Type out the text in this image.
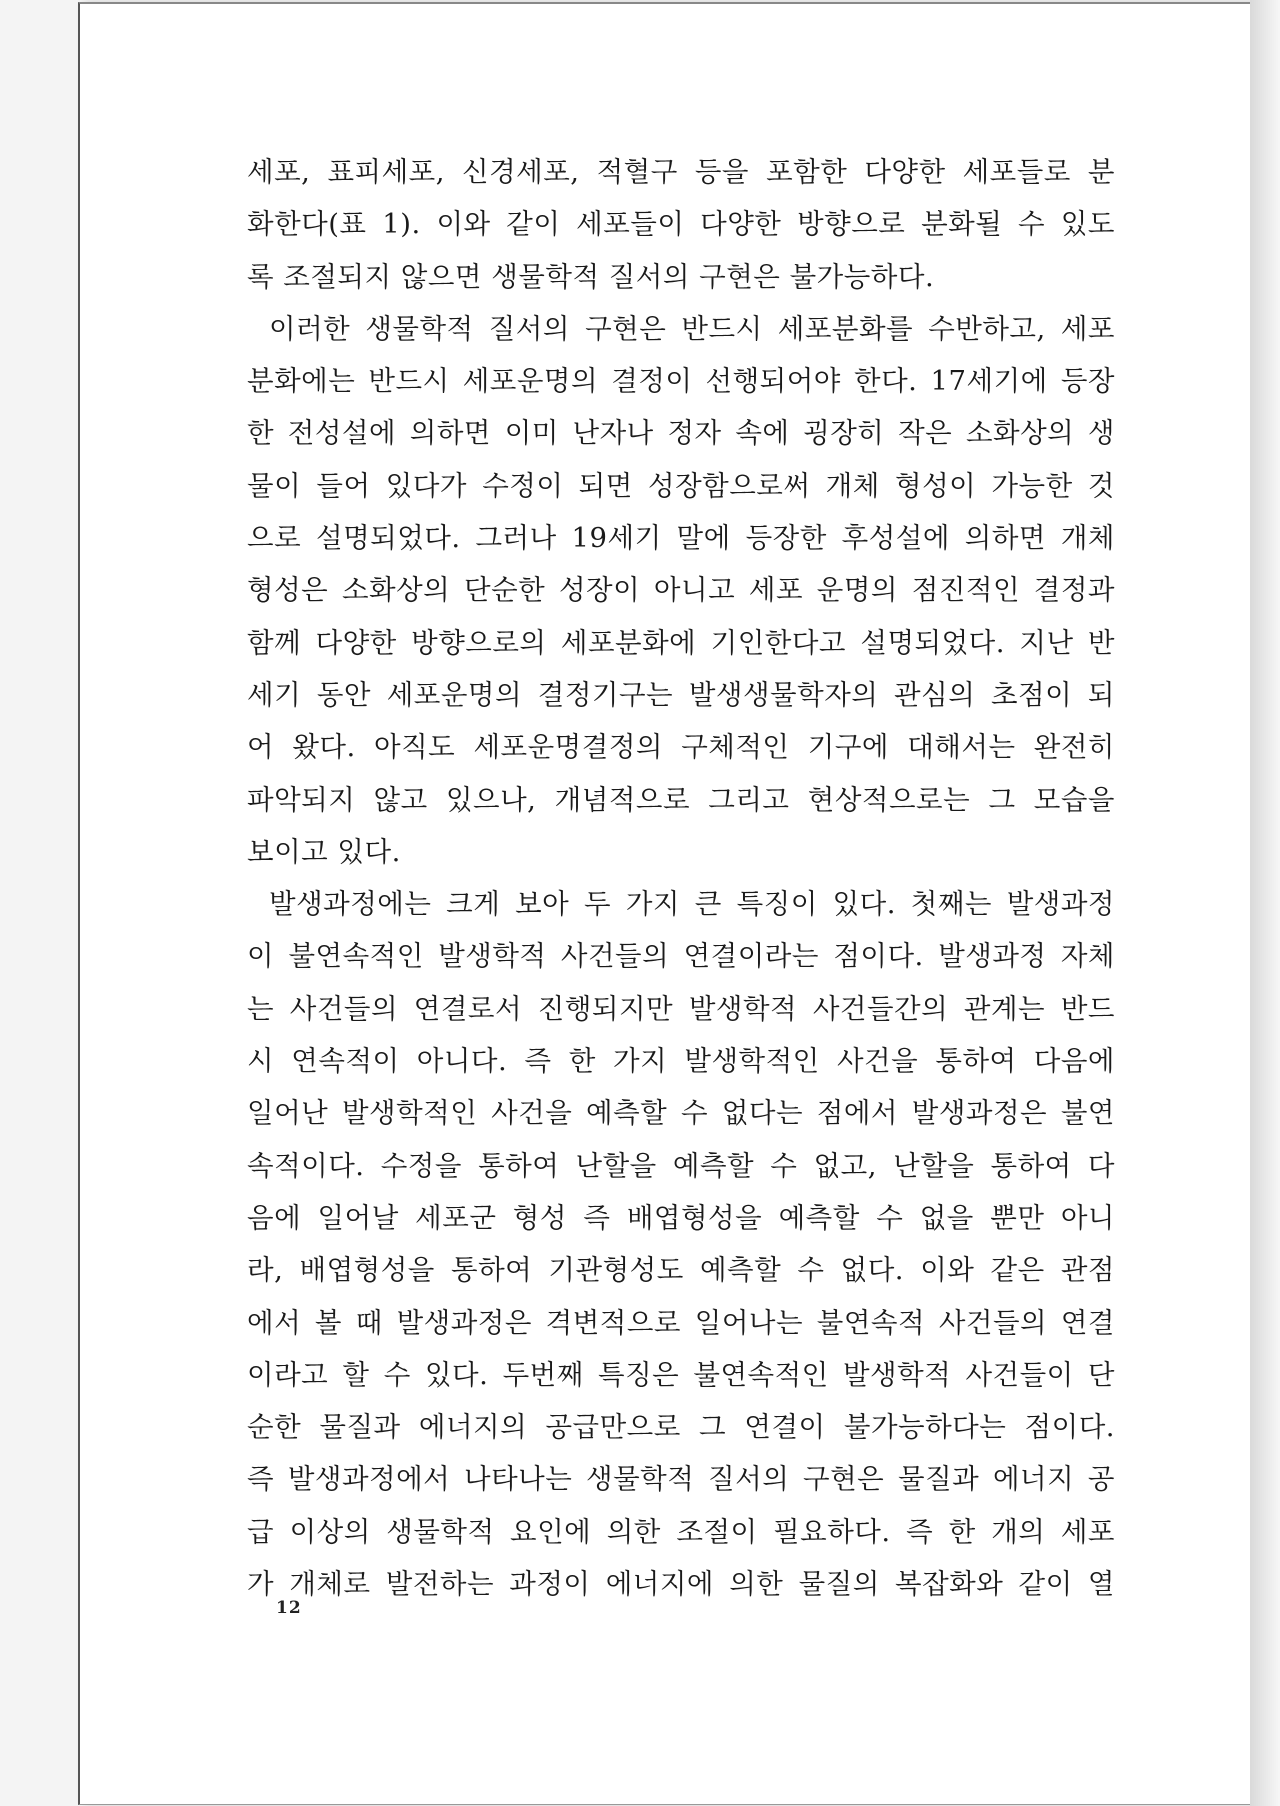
세포, 표피세포, 신경세포, 적혈구 등을 포함한 다양한 세포들로 분
화한다(표 1). 이와 같이 세포들이 다양한 방향으로 분화될 수 있도
록 조절되지 않으면 생물학적 질서의 구현은 불가능하다.
이러한 생물학적 질서의 구현은 반드시 세포분화를 수반하고, 세포
분화에는 반드시 세포운명의 결정이 선행되어야 한다. 17세기에 등장
한 전성설에 의하면 이미 난자나 정자 속에 굉장히 작은 소화상의 생
물이 들어 있다가 수정이 되면 성장함으로써 개체 형성이 가능한 것
으로 설명되었다. 그러나 19세기 말에 등장한 후성설에 의하면 개체
형성은 소화상의 단순한 성장이 아니고 세포 운명의 점진적인 결정과
함께 다양한 방향으로의 세포분화에 기인한다고 설명되었다. 지난 반
세기 동안 세포운명의 결정기구는 발생생물학자의 관심의 초점이 되
어 왔다. 아직도 세포운명결정의 구체적인 기구에 대해서는 완전히
파악되지 않고 있으나, 개념적으로 그리고 현상적으로는 그 모습을
보이고 있다.
발생과정에는 크게 보아 두 가지 큰 특징이 있다. 첫째는 발생과정
이 불연속적인 발생학적 사건들의 연결이라는 점이다. 발생과정 자체
는 사건들의 연결로서 진행되지만 발생학적 사건들간의 관계는 반드
시 연속적이 아니다. 즉 한 가지 발생학적인 사건을 통하여 다음에
일어난 발생학적인 사건을 예측할 수 없다는 점에서 발생과정은 불연
속적이다. 수정을 통하여 난할을 예측할 수 없고, 난할을 통하여 다
음에 일어날 세포군 형성 즉 배엽형성을 예측할 수 없을 뿐만 아니
라, 배엽형성을 통하여 기관형성도 예측할 수 없다. 이와 같은 관점
에서 볼 때 발생과정은 격변적으로 일어나는 불연속적 사건들의 연결
이라고 할 수 있다. 두번째 특징은 불연속적인 발생학적 사건들이 단
순한 물질과 에너지의 공급만으로 그 연결이 불가능하다는 점이다.
즉 발생과정에서 나타나는 생물학적 질서의 구현은 물질과 에너지 공
급 이상의 생물학적 요인에 의한 조절이 필요하다. 즉 한 개의 세포
가 개체로 발전하는 과정이 에너지에 의한 물질의 복잡화와 같이 열
12
